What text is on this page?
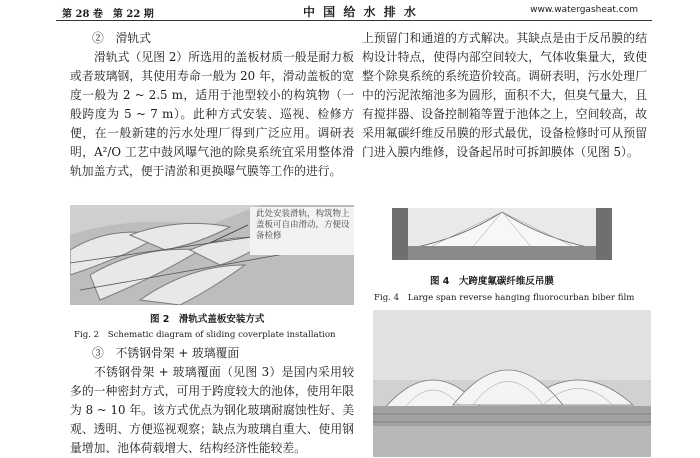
第 28 卷　第 22 期	中 国 给 水 排 水	www.watergasheat.com

②　滑轨式

滑轨式（见图 2）所选用的盖板材质一般是耐力板或者玻璃钢，其使用寿命一般为 20 年，滑动盖板的宽度一般为 2 ~ 2.5 m，适用于池型较小的构筑物（一般跨度为 5 ~ 7 m）。此种方式安装、巡视、检修方便，在一般新建的污水处理厂得到广泛应用。调研表明，A²/O 工艺中鼓风曝气池的除臭系统宜采用整体滑轨加盖方式，便于清淤和更换曝气膜等工作的进行。

此处安装滑轨，构筑物上盖板可自由滑动，方便设备检修
图 2　滑轨式盖板安装方式
Fig. 2　Schematic diagram of sliding coverplate installation

③　不锈钢骨架 + 玻璃覆面

不锈钢骨架 + 玻璃覆面（见图 3）是国内采用较多的一种密封方式，可用于跨度较大的池体，使用年限为 8 ~ 10 年。该方式优点为钢化玻璃耐腐蚀性好、美观、透明、方便巡视观察；缺点为玻璃自重大、使用钢量增加、池体荷载增大、结构经济性能较差。

上预留门和通道的方式解决。其缺点是由于反吊膜的结构设计特点，使得内部空间较大，气体收集量大，致使整个除臭系统的系统造价较高。调研表明，污水处理厂中的污泥浓缩池多为圆形，面积不大，但臭气量大，且有搅拌器、设备控制箱等置于池体之上，空间较高，故采用氟碳纤维反吊膜的形式最优，设备检修时可从预留门进入膜内维修，设备起吊时可拆卸膜体（见图 5）。

图 4　大跨度氟碳纤维反吊膜
Fig. 4　Large span reverse hanging fluorocurban biber film
